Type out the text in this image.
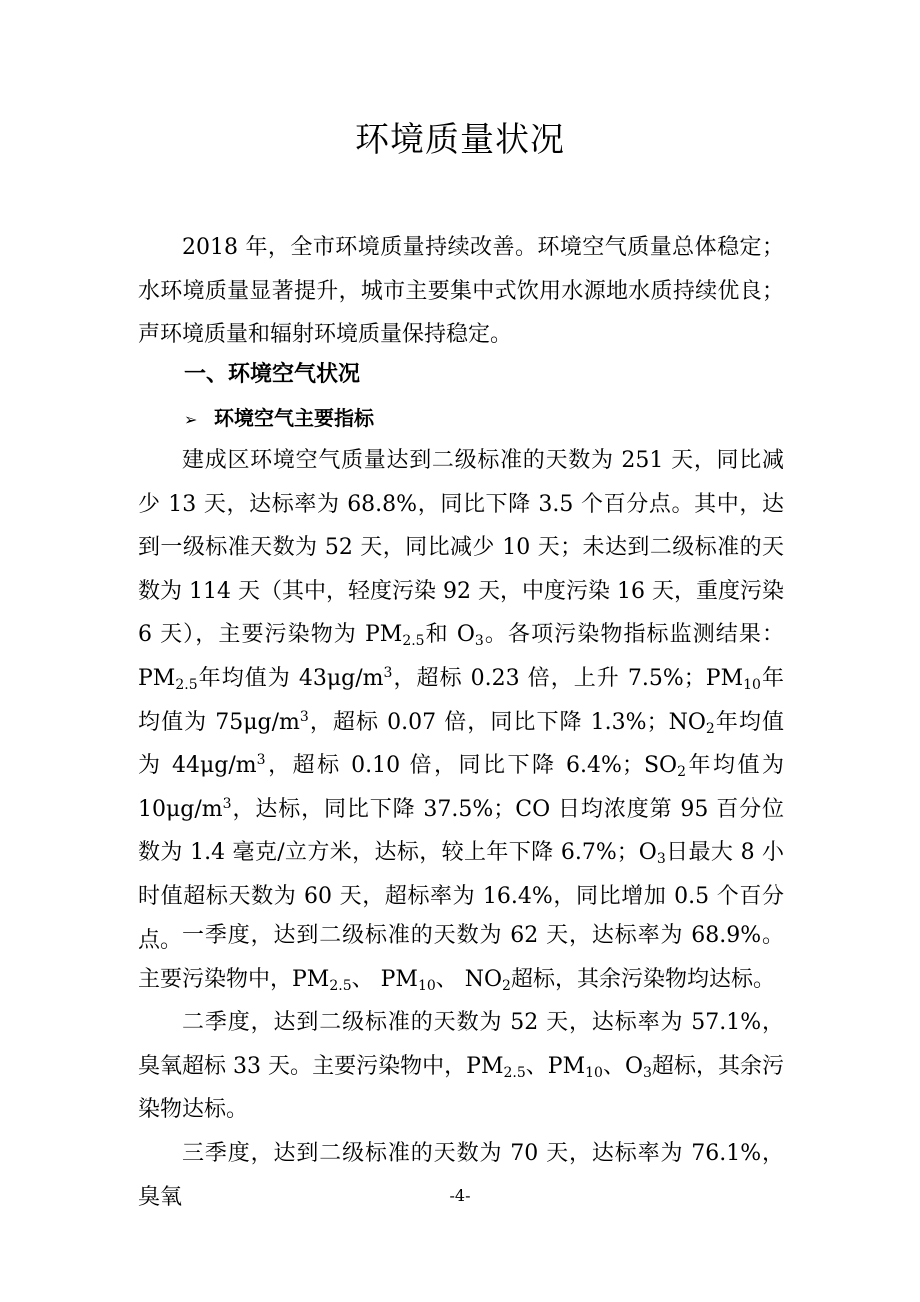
环境质量状况

2018 年，全市环境质量持续改善。环境空气质量总体稳定；水环境质量显著提升，城市主要集中式饮用水源地水质持续优良；声环境质量和辐射环境质量保持稳定。

一、环境空气状况
➢ 环境空气主要指标

建成区环境空气质量达到二级标准的天数为 251 天，同比减少 13 天，达标率为 68.8%，同比下降 3.5 个百分点。其中，达到一级标准天数为 52 天，同比减少 10 天；未达到二级标准的天数为 114 天（其中，轻度污染 92 天，中度污染 16 天，重度污染 6 天），主要污染物为 $PM_{2.5}$和 $O_3$。各项污染物指标监测结果：$PM_{2.5}$年均值为 $43\mu g/m^3$，超标 0.23 倍，上升 7.5%；$PM_{10}$年均值为 $75\mu g/m^3$，超标 0.07 倍，同比下降 1.3%；$NO_2$年均值为 $44\mu g/m^3$，超标 0.10 倍，同比下降 6.4%；$SO_2$年均值为 $10\mu g/m^3$，达标，同比下降 37.5%；CO 日均浓度第 95 百分位数为 1.4 毫克/立方米，达标，较上年下降 6.7%；$O_3$日最大 8 小时值超标天数为 60 天，超标率为 16.4%，同比增加 0.5 个百分点。 一季度，达到二级标准的天数为 62 天，达标率为 68.9%。主要污染物中，$PM_{2.5}$、 $PM_{10}$、 $NO_2$超标，其余污染物均达标。

二季度，达到二级标准的天数为 52 天，达标率为 57.1%，臭氧超标 33 天。主要污染物中，$PM_{2.5}$、$PM_{10}$、$O_3$超标，其余污染物达标。

三季度，达到二级标准的天数为 70 天，达标率为 76.1%，臭氧	-4-
